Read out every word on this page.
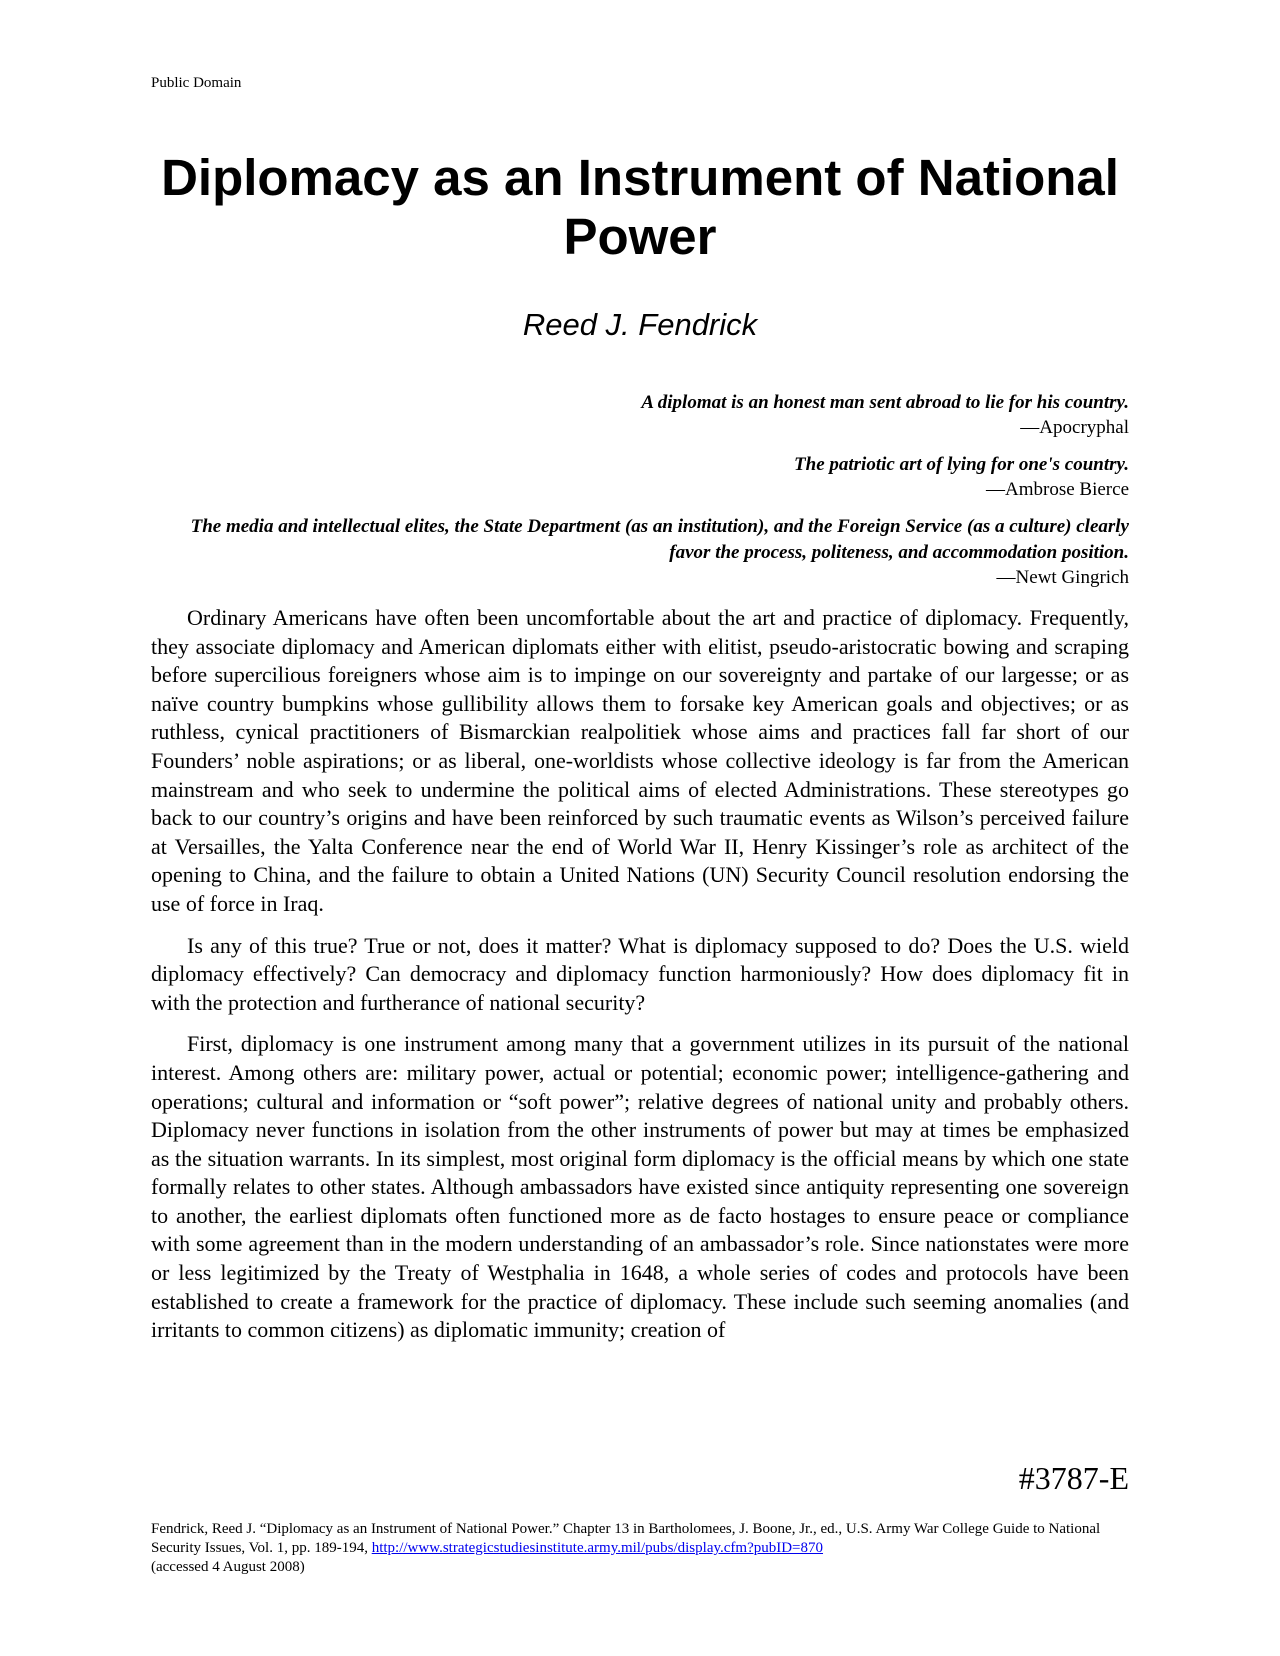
Public Domain
Diplomacy as an Instrument of National Power
Reed J. Fendrick
A diplomat is an honest man sent abroad to lie for his country.
—Apocryphal
The patriotic art of lying for one's country.
—Ambrose Bierce
The media and intellectual elites, the State Department (as an institution), and the Foreign Service (as a culture) clearly favor the process, politeness, and accommodation position.
—Newt Gingrich

Ordinary Americans have often been uncomfortable about the art and practice of diplomacy. Frequently, they associate diplomacy and American diplomats either with elitist, pseudo-aristocratic bowing and scraping before supercilious foreigners whose aim is to impinge on our sovereignty and partake of our largesse; or as naïve country bumpkins whose gullibility allows them to forsake key American goals and objectives; or as ruthless, cynical practitioners of Bismarckian realpolitiek whose aims and practices fall far short of our Founders’ noble aspirations; or as liberal, one-worldists whose collective ideology is far from the American mainstream and who seek to undermine the political aims of elected Administrations. These stereotypes go back to our country’s origins and have been reinforced by such traumatic events as Wilson’s perceived failure at Versailles, the Yalta Conference near the end of World War II, Henry Kissinger’s role as architect of the opening to China, and the failure to obtain a United Nations (UN) Security Council resolution endorsing the use of force in Iraq.

Is any of this true? True or not, does it matter? What is diplomacy supposed to do? Does the U.S. wield diplomacy effectively? Can democracy and diplomacy function harmoniously? How does diplomacy fit in with the protection and furtherance of national security?

First, diplomacy is one instrument among many that a government utilizes in its pursuit of the national interest. Among others are: military power, actual or potential; economic power; intelligence-gathering and operations; cultural and information or “soft power”; relative degrees of national unity and probably others. Diplomacy never functions in isolation from the other instruments of power but may at times be emphasized as the situation warrants. In its simplest, most original form diplomacy is the official means by which one state formally relates to other states. Although ambassadors have existed since antiquity representing one sovereign to another, the earliest diplomats often functioned more as de facto hostages to ensure peace or compliance with some agreement than in the modern understanding of an ambassador’s role. Since nationstates were more or less legitimized by the Treaty of Westphalia in 1648, a whole series of codes and protocols have been established to create a framework for the practice of diplomacy. These include such seeming anomalies (and irritants to common citizens) as diplomatic immunity; creation of

#3787-E
Fendrick, Reed J. “Diplomacy as an Instrument of National Power.” Chapter 13 in Bartholomees, J. Boone, Jr., ed., U.S. Army War College Guide to National Security Issues, Vol. 1, pp. 189-194, http://www.strategicstudiesinstitute.army.mil/pubs/display.cfm?pubID=870
(accessed 4 August 2008)
